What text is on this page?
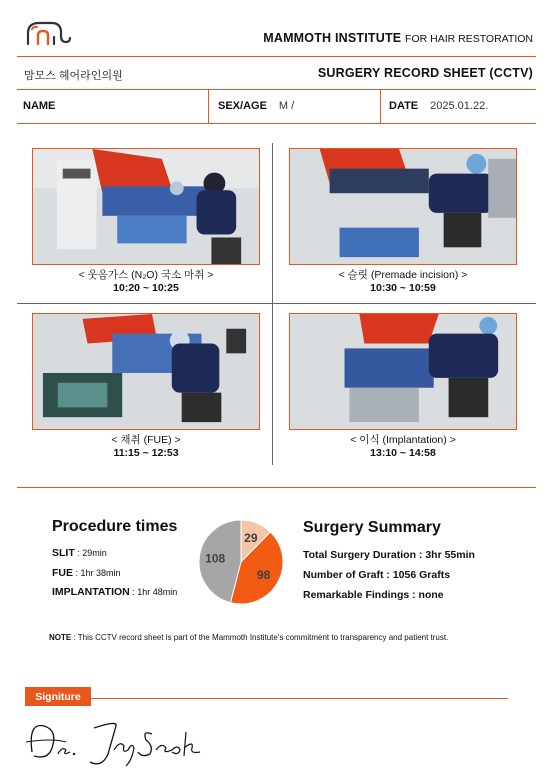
MAMMOTH INSTITUTE FOR HAIR RESTORATION
맘모스 헤어라인의원	SURGERY RECORD SHEET (CCTV)
NAME	SEX/AGE M /	DATE 2025.01.22.
< 웃음가스 (N₂O) 국소 마취 >
10:20 ~ 10:25
< 슬릿 (Premade incision) >
10:30 ~ 10:59
< 채취 (FUE) >
11:15 ~ 12:53
< 이식 (Implantation) >
13:10 ~ 14:58
Procedure times
SLIT : 29min
FUE : 1hr 38min
IMPLANTATION : 1hr 48min
29
98
108
Surgery Summary
Total Surgery Duration : 3hr 55min
Number of Graft : 1056 Grafts
Remarkable Findings : none
NOTE : This CCTV record sheet is part of the Mammoth Institute's commitment to transparency and patient trust.
Signiture
